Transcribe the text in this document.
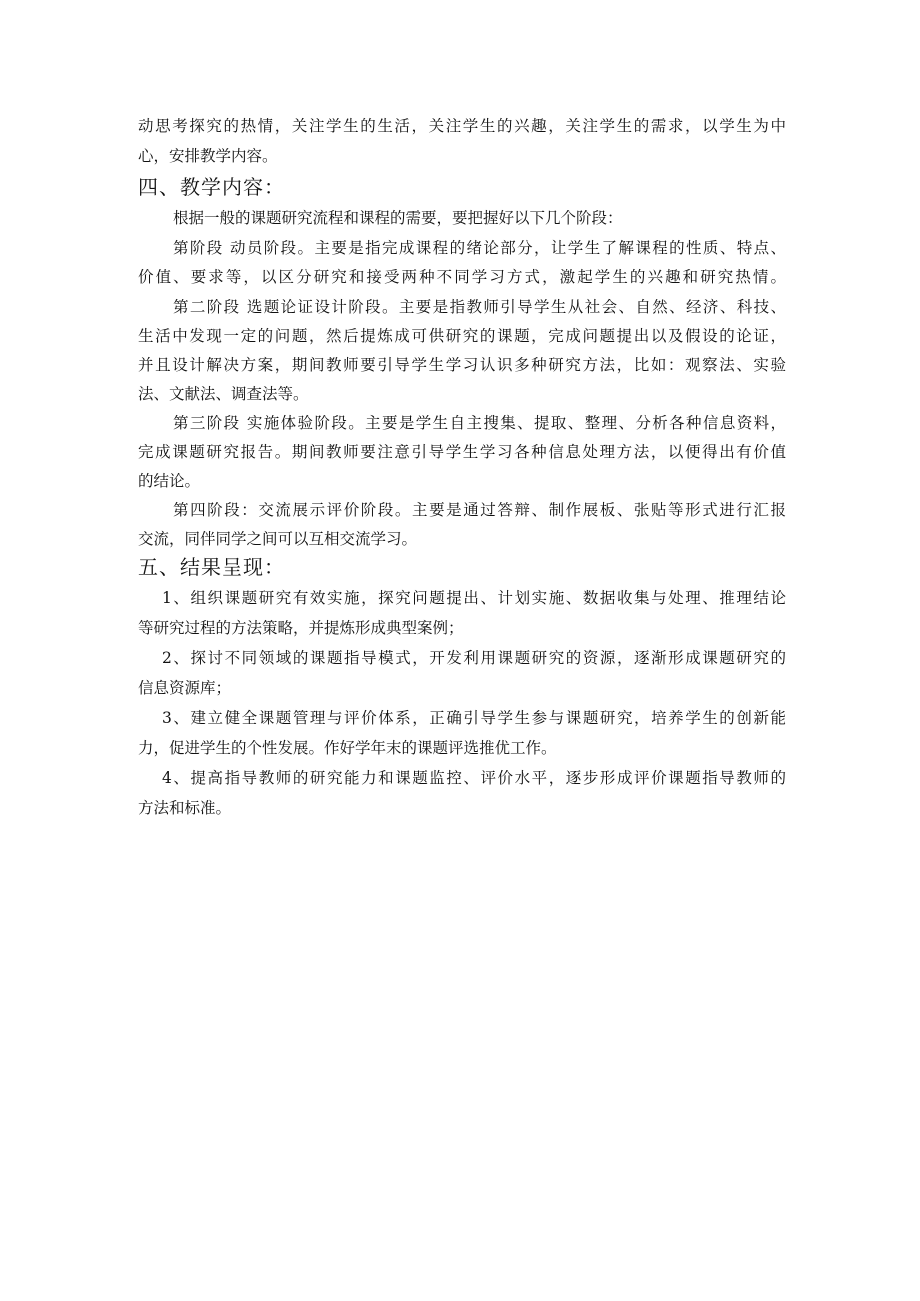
动思考探究的热情，关注学生的生活，关注学生的兴趣，关注学生的需求，以学生为中
心，安排教学内容。
四、教学内容：
根据一般的课题研究流程和课程的需要，要把握好以下几个阶段：
第阶段 动员阶段。主要是指完成课程的绪论部分，让学生了解课程的性质、特点、
价值、要求等，以区分研究和接受两种不同学习方式，激起学生的兴趣和研究热情。
第二阶段 选题论证设计阶段。主要是指教师引导学生从社会、自然、经济、科技、
生活中发现一定的问题，然后提炼成可供研究的课题，完成问题提出以及假设的论证，
并且设计解决方案，期间教师要引导学生学习认识多种研究方法，比如：观察法、实验
法、文献法、调查法等。
第三阶段 实施体验阶段。主要是学生自主搜集、提取、整理、分析各种信息资料，
完成课题研究报告。期间教师要注意引导学生学习各种信息处理方法，以便得出有价值
的结论。
第四阶段：交流展示评价阶段。主要是通过答辩、制作展板、张贴等形式进行汇报
交流，同伴同学之间可以互相交流学习。
五、结果呈现：
1、组织课题研究有效实施，探究问题提出、计划实施、数据收集与处理、推理结论
等研究过程的方法策略，并提炼形成典型案例；
2、探讨不同领域的课题指导模式，开发利用课题研究的资源，逐渐形成课题研究的
信息资源库；
3、建立健全课题管理与评价体系，正确引导学生参与课题研究，培养学生的创新能
力，促进学生的个性发展。作好学年末的课题评选推优工作。
4、提高指导教师的研究能力和课题监控、评价水平，逐步形成评价课题指导教师的
方法和标准。
